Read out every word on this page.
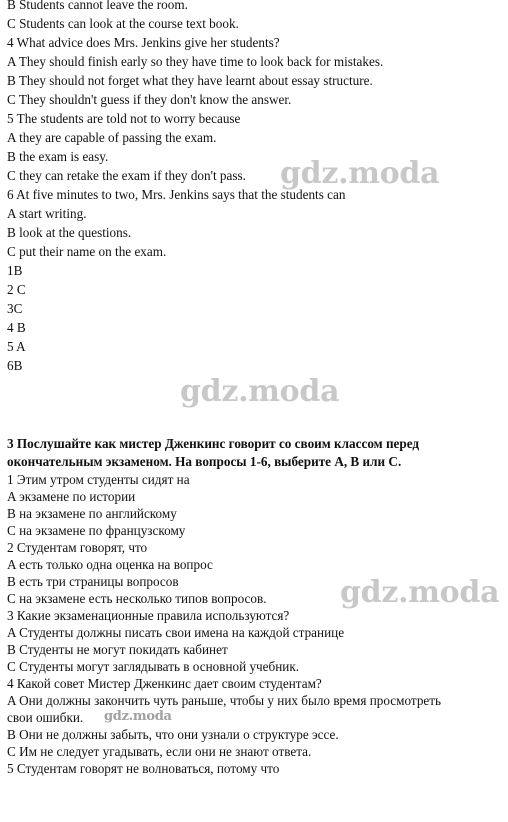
B Students cannot leave the room.
C Students can look at the course text book.
4 What advice does Mrs. Jenkins give her students?
A They should finish early so they have time to look back for mistakes.
B They should not forget what they have learnt about essay structure.
C They shouldn't guess if they don't know the answer.
5 The students are told not to worry because
A they are capable of passing the exam.
B the exam is easy.
C they can retake the exam if they don't pass.
6 At five minutes to two, Mrs. Jenkins says that the students can
A start writing.
B look at the questions.
C put their name on the exam.
1B
2 C
3C
4 B
5 A
6B
3 Послушайте как мистер Дженкинс говорит со своим классом перед
окончательным экзаменом. На вопросы 1-6, выберите A, B или C.
1 Этим утром студенты сидят на
A экзамене по истории
B на экзамене по английскому
C на экзамене по французскому
2 Студентам говорят, что
A есть только одна оценка на вопрос
B есть три страницы вопросов
C на экзамене есть несколько типов вопросов.
3 Какие экзаменационные правила используются?
A Студенты должны писать свои имена на каждой странице
B Студенты не могут покидать кабинет
C Студенты могут заглядывать в основной учебник.
4 Какой совет Мистер Дженкинс дает своим студентам?
A Они должны закончить чуть раньше, чтобы у них было время просмотреть
свои ошибки.
B Они не должны забыть, что они узнали о структуре эссе.
C Им не следует угадывать, если они не знают ответа.
5 Студентам говорят не волноваться, потому что
gdz.moda
gdz.moda
gdz.moda
gdz.moda
